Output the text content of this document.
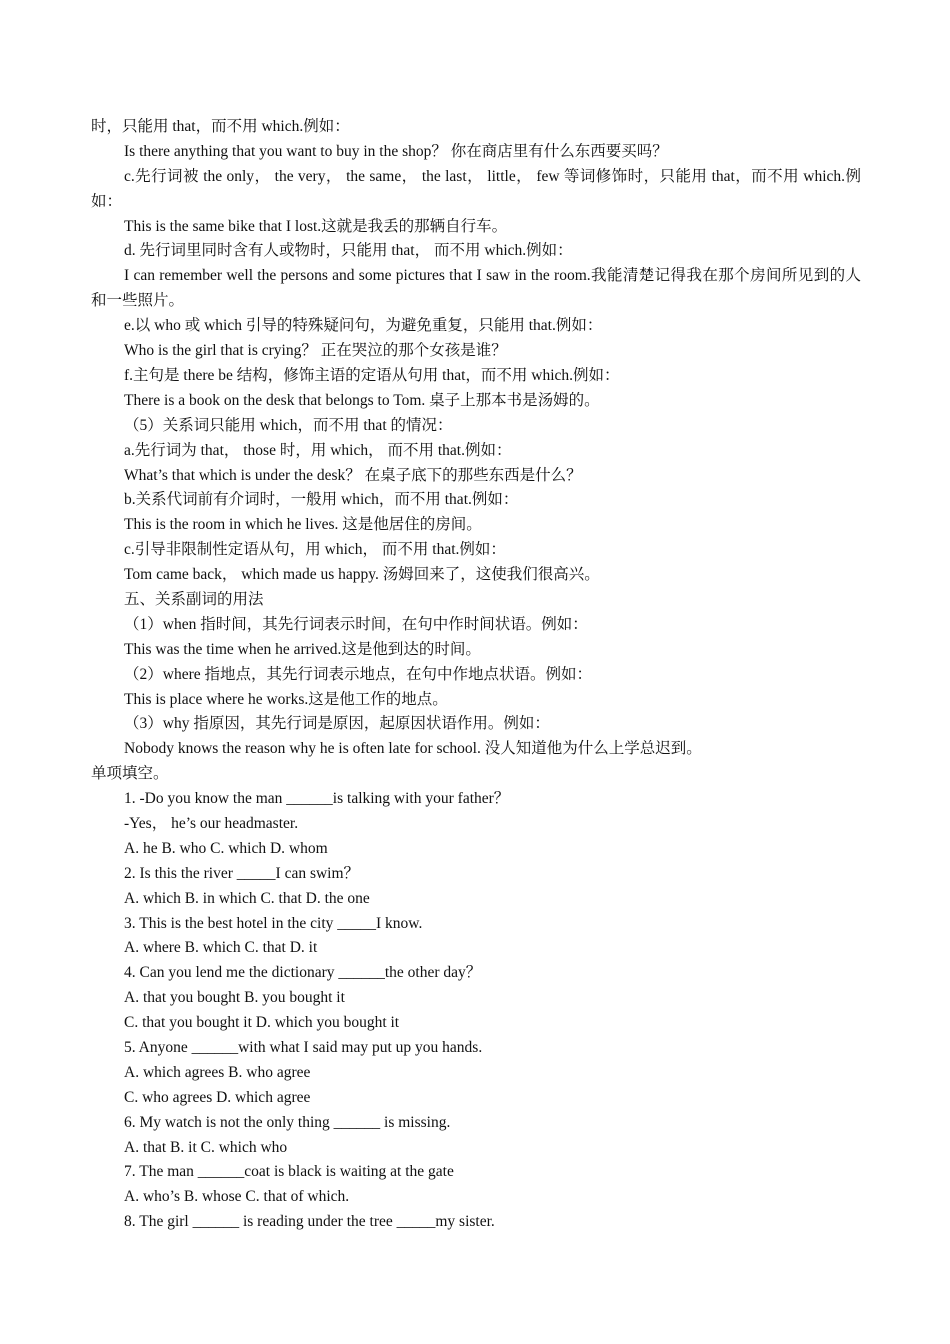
时，只能用 that，而不用 which.例如：
Is there anything that you want to buy in the shop？ 你在商店里有什么东西要买吗？
c.先行词被 the only， the very， the same， the last， little， few 等词修饰时，只能用 that，而不用 which.例如：
This is the same bike that I lost.这就是我丢的那辆自行车。
d. 先行词里同时含有人或物时，只能用 that， 而不用 which.例如：
I can remember well the persons and some pictures that I saw in the room.我能清楚记得我在那个房间所见到的人和一些照片。
e.以 who 或 which 引导的特殊疑问句，为避免重复，只能用 that.例如：
Who is the girl that is crying？ 正在哭泣的那个女孩是谁？
f.主句是 there be 结构，修饰主语的定语从句用 that，而不用 which.例如：
There is a book on the desk that belongs to Tom. 桌子上那本书是汤姆的。
（5）关系词只能用 which，而不用 that 的情况：
a.先行词为 that， those 时，用 which， 而不用 that.例如：
What’s that which is under the desk？ 在桌子底下的那些东西是什么？
b.关系代词前有介词时，一般用 which，而不用 that.例如：
This is the room in which he lives. 这是他居住的房间。
c.引导非限制性定语从句，用 which， 而不用 that.例如：
Tom came back， which made us happy. 汤姆回来了，这使我们很高兴。
五、关系副词的用法
（1）when 指时间，其先行词表示时间，在句中作时间状语。例如：
This was the time when he arrived.这是他到达的时间。
（2）where 指地点，其先行词表示地点，在句中作地点状语。例如：
This is place where he works.这是他工作的地点。
（3）why 指原因，其先行词是原因，起原因状语作用。例如：
Nobody knows the reason why he is often late for school. 没人知道他为什么上学总迟到。
单项填空。
1. -Do you know the man ______is talking with your father？
-Yes， he’s our headmaster.
A. he B. who C. which D. whom
2. Is this the river _____I can swim？
A. which B. in which C. that D. the one
3. This is the best hotel in the city _____I know.
A. where B. which C. that D. it
4. Can you lend me the dictionary ______the other day？
A. that you bought B. you bought it
C. that you bought it D. which you bought it
5. Anyone ______with what I said may put up you hands.
A. which agrees B. who agree
C. who agrees D. which agree
6. My watch is not the only thing ______ is missing.
A. that B. it C. which who
7. The man ______coat is black is waiting at the gate
A. who’s B. whose C. that of which.
8. The girl ______ is reading under the tree _____my sister.
